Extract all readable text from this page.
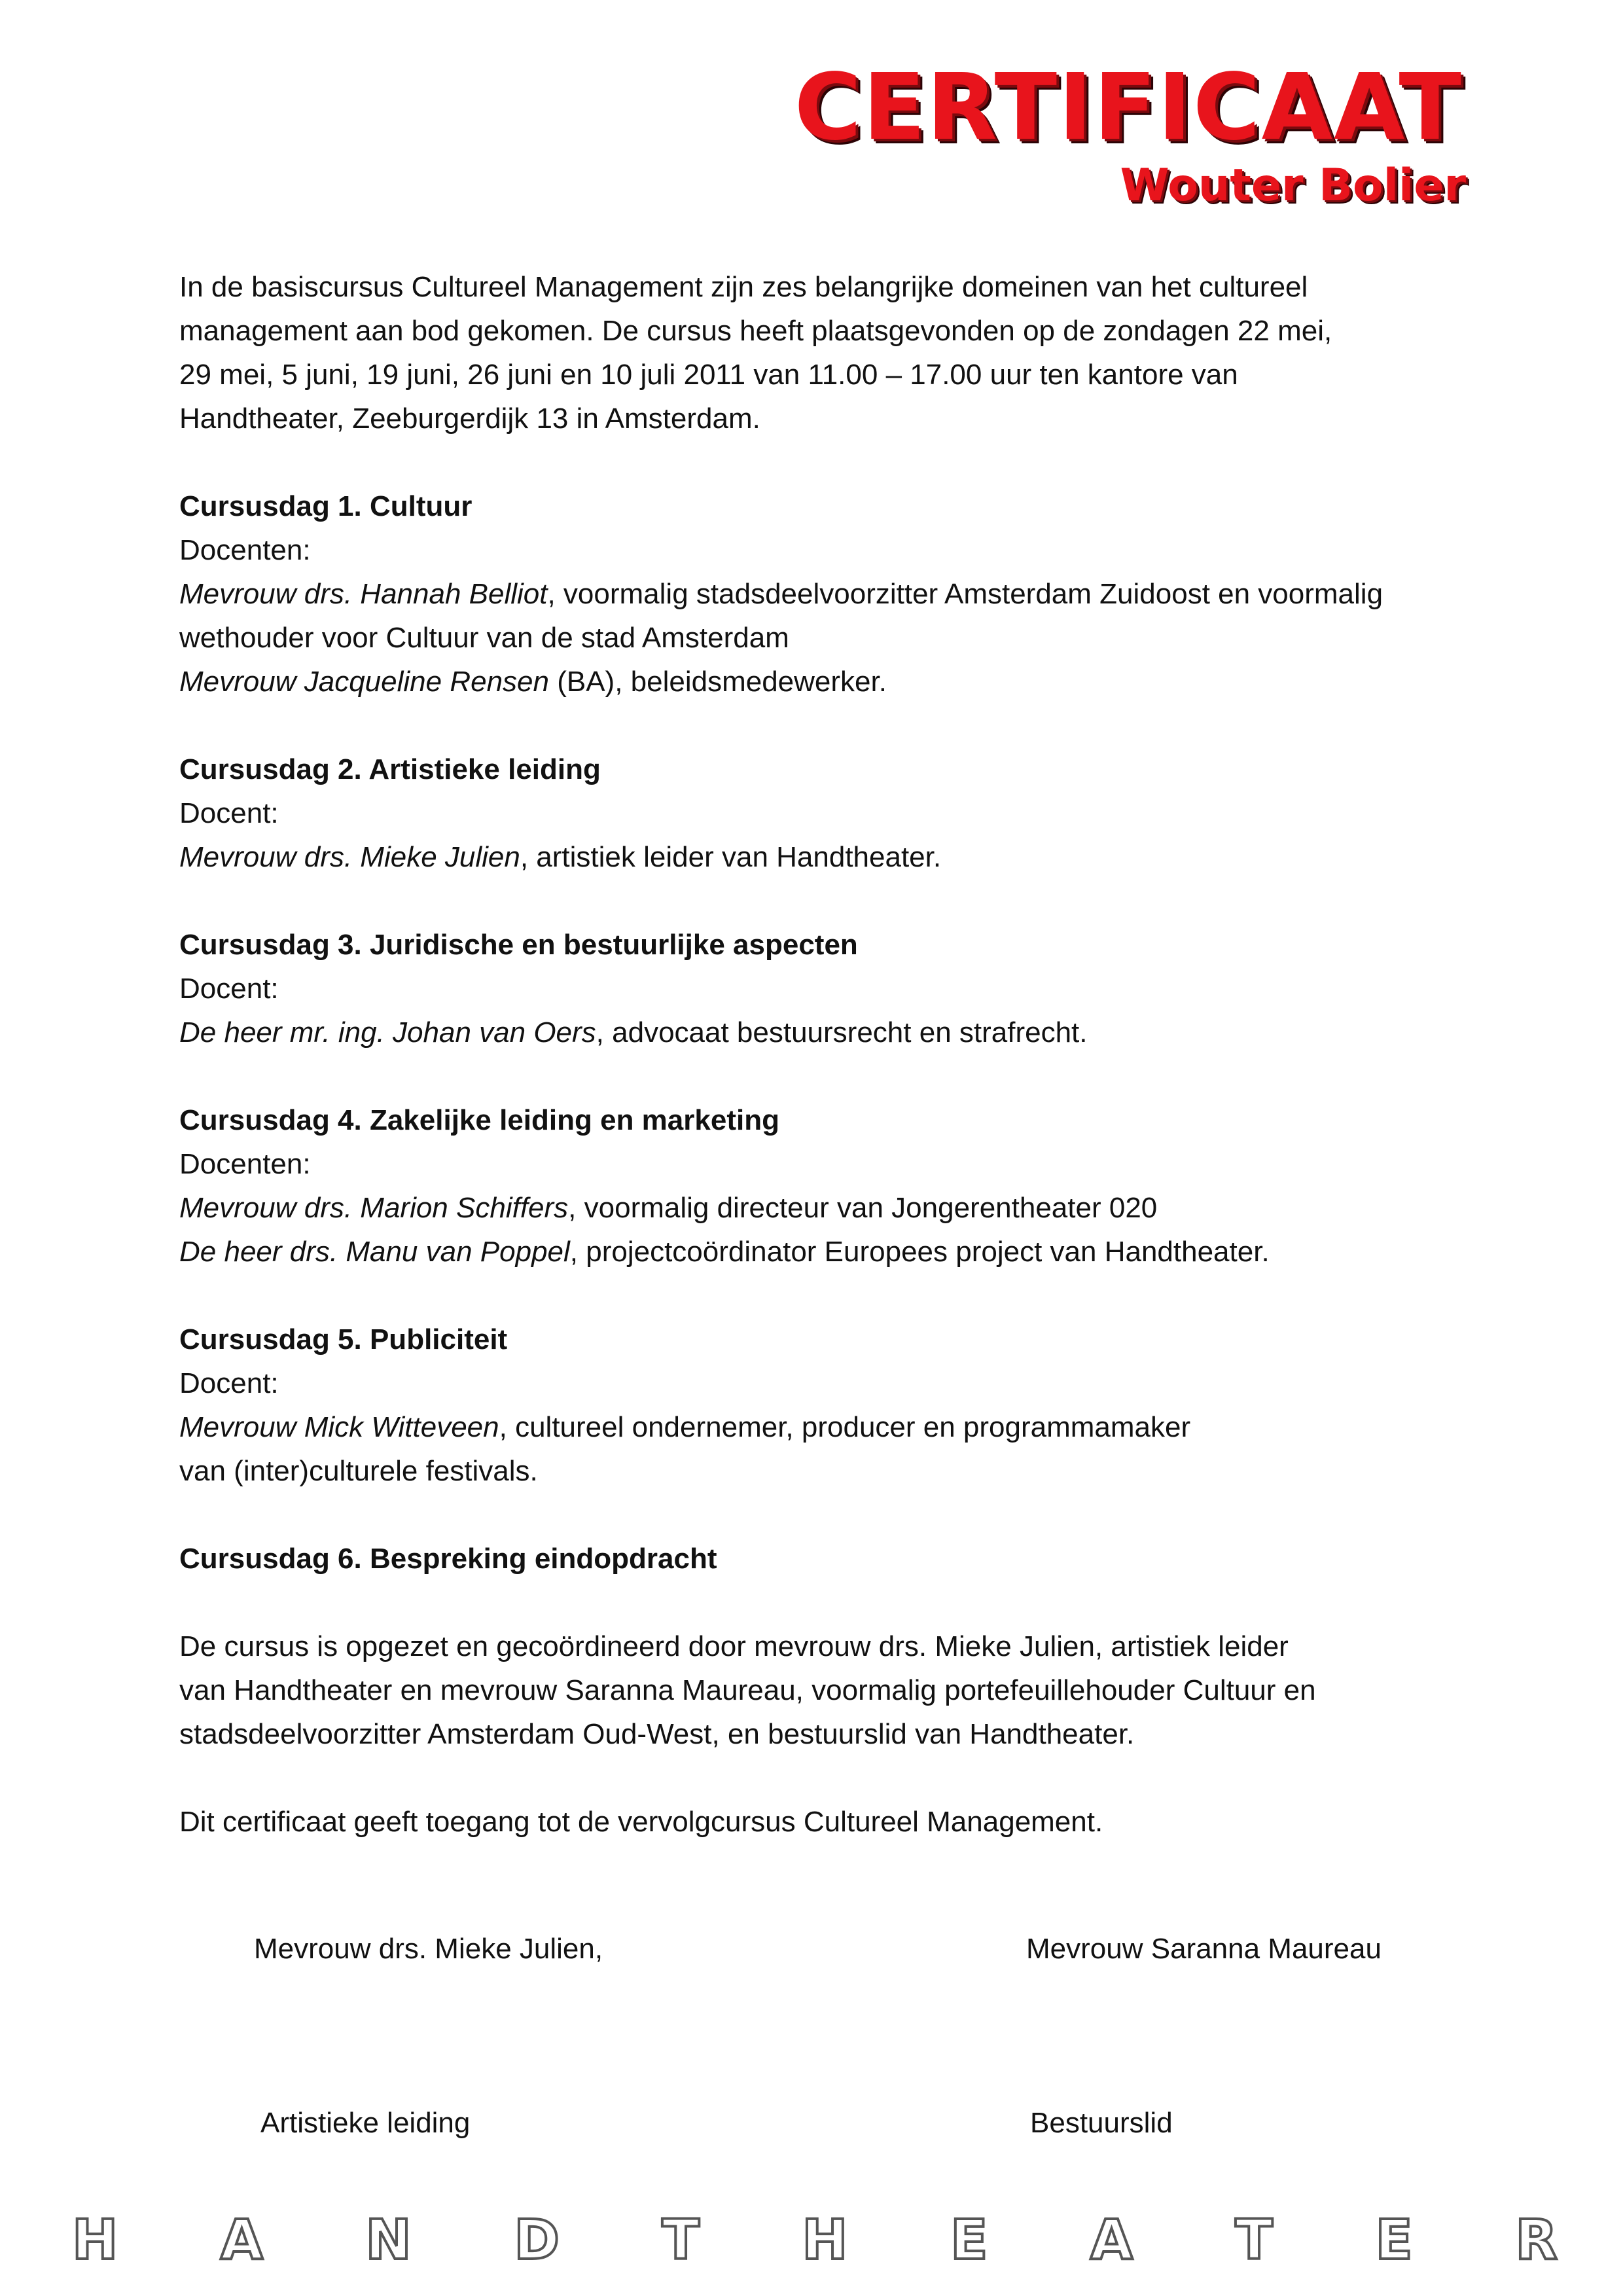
CERTIFICAAT
Wouter Bolier

In de basiscursus Cultureel Management zijn zes belangrijke domeinen van het cultureel

management aan bod gekomen. De cursus heeft plaatsgevonden op de zondagen 22 mei,

29 mei, 5 juni, 19 juni, 26 juni en 10 juli 2011 van 11.00 – 17.00 uur ten kantore van

Handtheater, Zeeburgerdijk 13 in Amsterdam.

Cursusdag 1. Cultuur

Docenten:

Mevrouw drs. Hannah Belliot, voormalig stadsdeelvoorzitter Amsterdam Zuidoost en voormalig

wethouder voor Cultuur van de stad Amsterdam

Mevrouw Jacqueline Rensen (BA), beleidsmedewerker.

Cursusdag 2. Artistieke leiding

Docent:

Mevrouw drs. Mieke Julien, artistiek leider van Handtheater.

Cursusdag 3. Juridische en bestuurlijke aspecten

Docent:

De heer mr. ing. Johan van Oers, advocaat bestuursrecht en strafrecht.

Cursusdag 4. Zakelijke leiding en marketing

Docenten:

Mevrouw drs. Marion Schiffers, voormalig directeur van Jongerentheater 020

De heer drs. Manu van Poppel, projectcoördinator Europees project van Handtheater.

Cursusdag 5. Publiciteit

Docent:

Mevrouw Mick Witteveen, cultureel ondernemer, producer en programmamaker

van (inter)culturele festivals.

Cursusdag 6. Bespreking eindopdracht

De cursus is opgezet en gecoördineerd door mevrouw drs. Mieke Julien, artistiek leider

van Handtheater en mevrouw Saranna Maureau, voormalig portefeuillehouder Cultuur en

stadsdeelvoorzitter Amsterdam Oud-West, en bestuurslid van Handtheater.

Dit certificaat geeft toegang tot de vervolgcursus Cultureel Management.

Mevrouw drs. Mieke Julien,	Mevrouw Saranna Maureau
Artistieke leiding	Bestuurslid
H A N D T H E A T E R
